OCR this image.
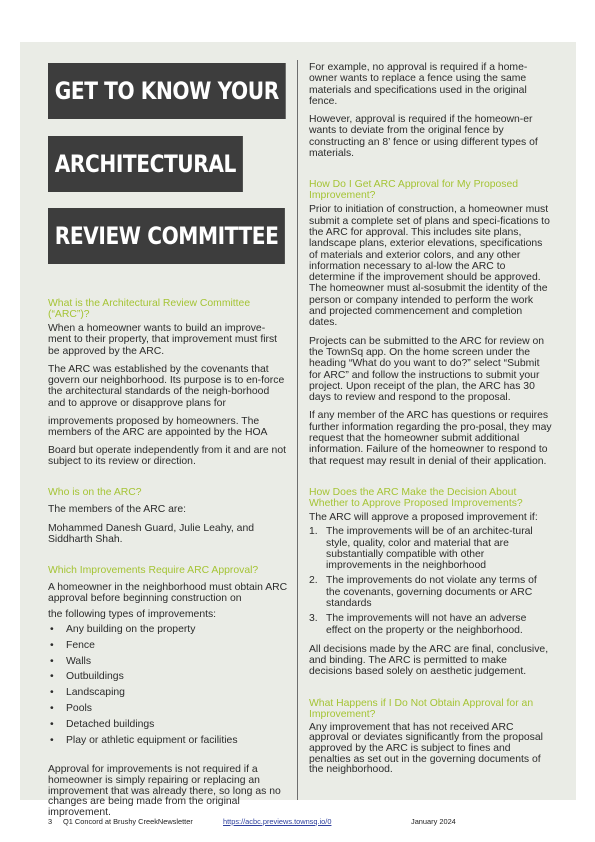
GET TO KNOW YOUR
ARCHITECTURAL
REVIEW COMMITTEE
What is the Architectural Review Committee (“ARC”)?
When a homeowner wants to build an improve-ment to their property, that improvement must first be approved by the ARC.
The ARC was established by the covenants that govern our neighborhood. Its purpose is to en-force the architectural standards of the neigh-borhood and to approve or disapprove plans for
improvements proposed by homeowners. The members of the ARC are appointed by the HOA
Board but operate independently from it and are not subject to its review or direction.
Who is on the ARC?
The members of the ARC are:
Mohammed Danesh Guard, Julie Leahy, and Siddharth Shah.
Which Improvements Require ARC Approval?
A homeowner in the neighborhood must obtain ARC approval before beginning construction on
the following types of improvements:
• Any building on the property
• Fence
• Walls
• Outbuildings
• Landscaping
• Pools
• Detached buildings
• Play or athletic equipment or facilities
Approval for improvements is not required if a homeowner is simply repairing or replacing an improvement that was already there, so long as no changes are being made from the original improvement.
For example, no approval is required if a home-owner wants to replace a fence using the same materials and specifications used in the original fence.
However, approval is required if the homeown-er wants to deviate from the original fence by constructing an 8’ fence or using different types of materials.
How Do I Get ARC Approval for My Proposed Improvement?
Prior to initiation of construction, a homeowner must submit a complete set of plans and speci-fications to the ARC for approval. This includes site plans, landscape plans, exterior elevations, specifications of materials and exterior colors, and any other information necessary to al-low the ARC to determine if the improvement should be approved. The homeowner must al-sosubmit the identity of the person or company intended to perform the work and projected commencement and completion dates.
Projects can be submitted to the ARC for review on the TownSq app. On the home screen under the heading “What do you want to do?” select “Submit for ARC” and follow the instructions to submit your project. Upon receipt of the plan, the ARC has 30 days to review and respond to the proposal.
If any member of the ARC has questions or requires further information regarding the pro-posal, they may request that the homeowner submit additional information. Failure of the homeowner to respond to that request may result in denial of their application.
How Does the ARC Make the Decision About Whether to Approve Proposed Improvements?
The ARC will approve a proposed improvement if:
1. The improvements will be of an architec-tural style, quality, color and material that are substantially compatible with other improvements in the neighborhood
2. The improvements do not violate any terms of the covenants, governing documents or ARC standards
3. The improvements will not have an adverse effect on the property or the neighborhood.
All decisions made by the ARC are final, conclusive, and binding. The ARC is permitted to make decisions based solely on aesthetic judgement.
What Happens if I Do Not Obtain Approval for an Improvement?
Any improvement that has not received ARC approval or deviates significantly from the proposal approved by the ARC is subject to fines and penalties as set out in the governing documents of the neighborhood.
3 Q1 Concord at Brushy CreekNewsletter	https://acbc.previews.townsq.io/0	January 2024
